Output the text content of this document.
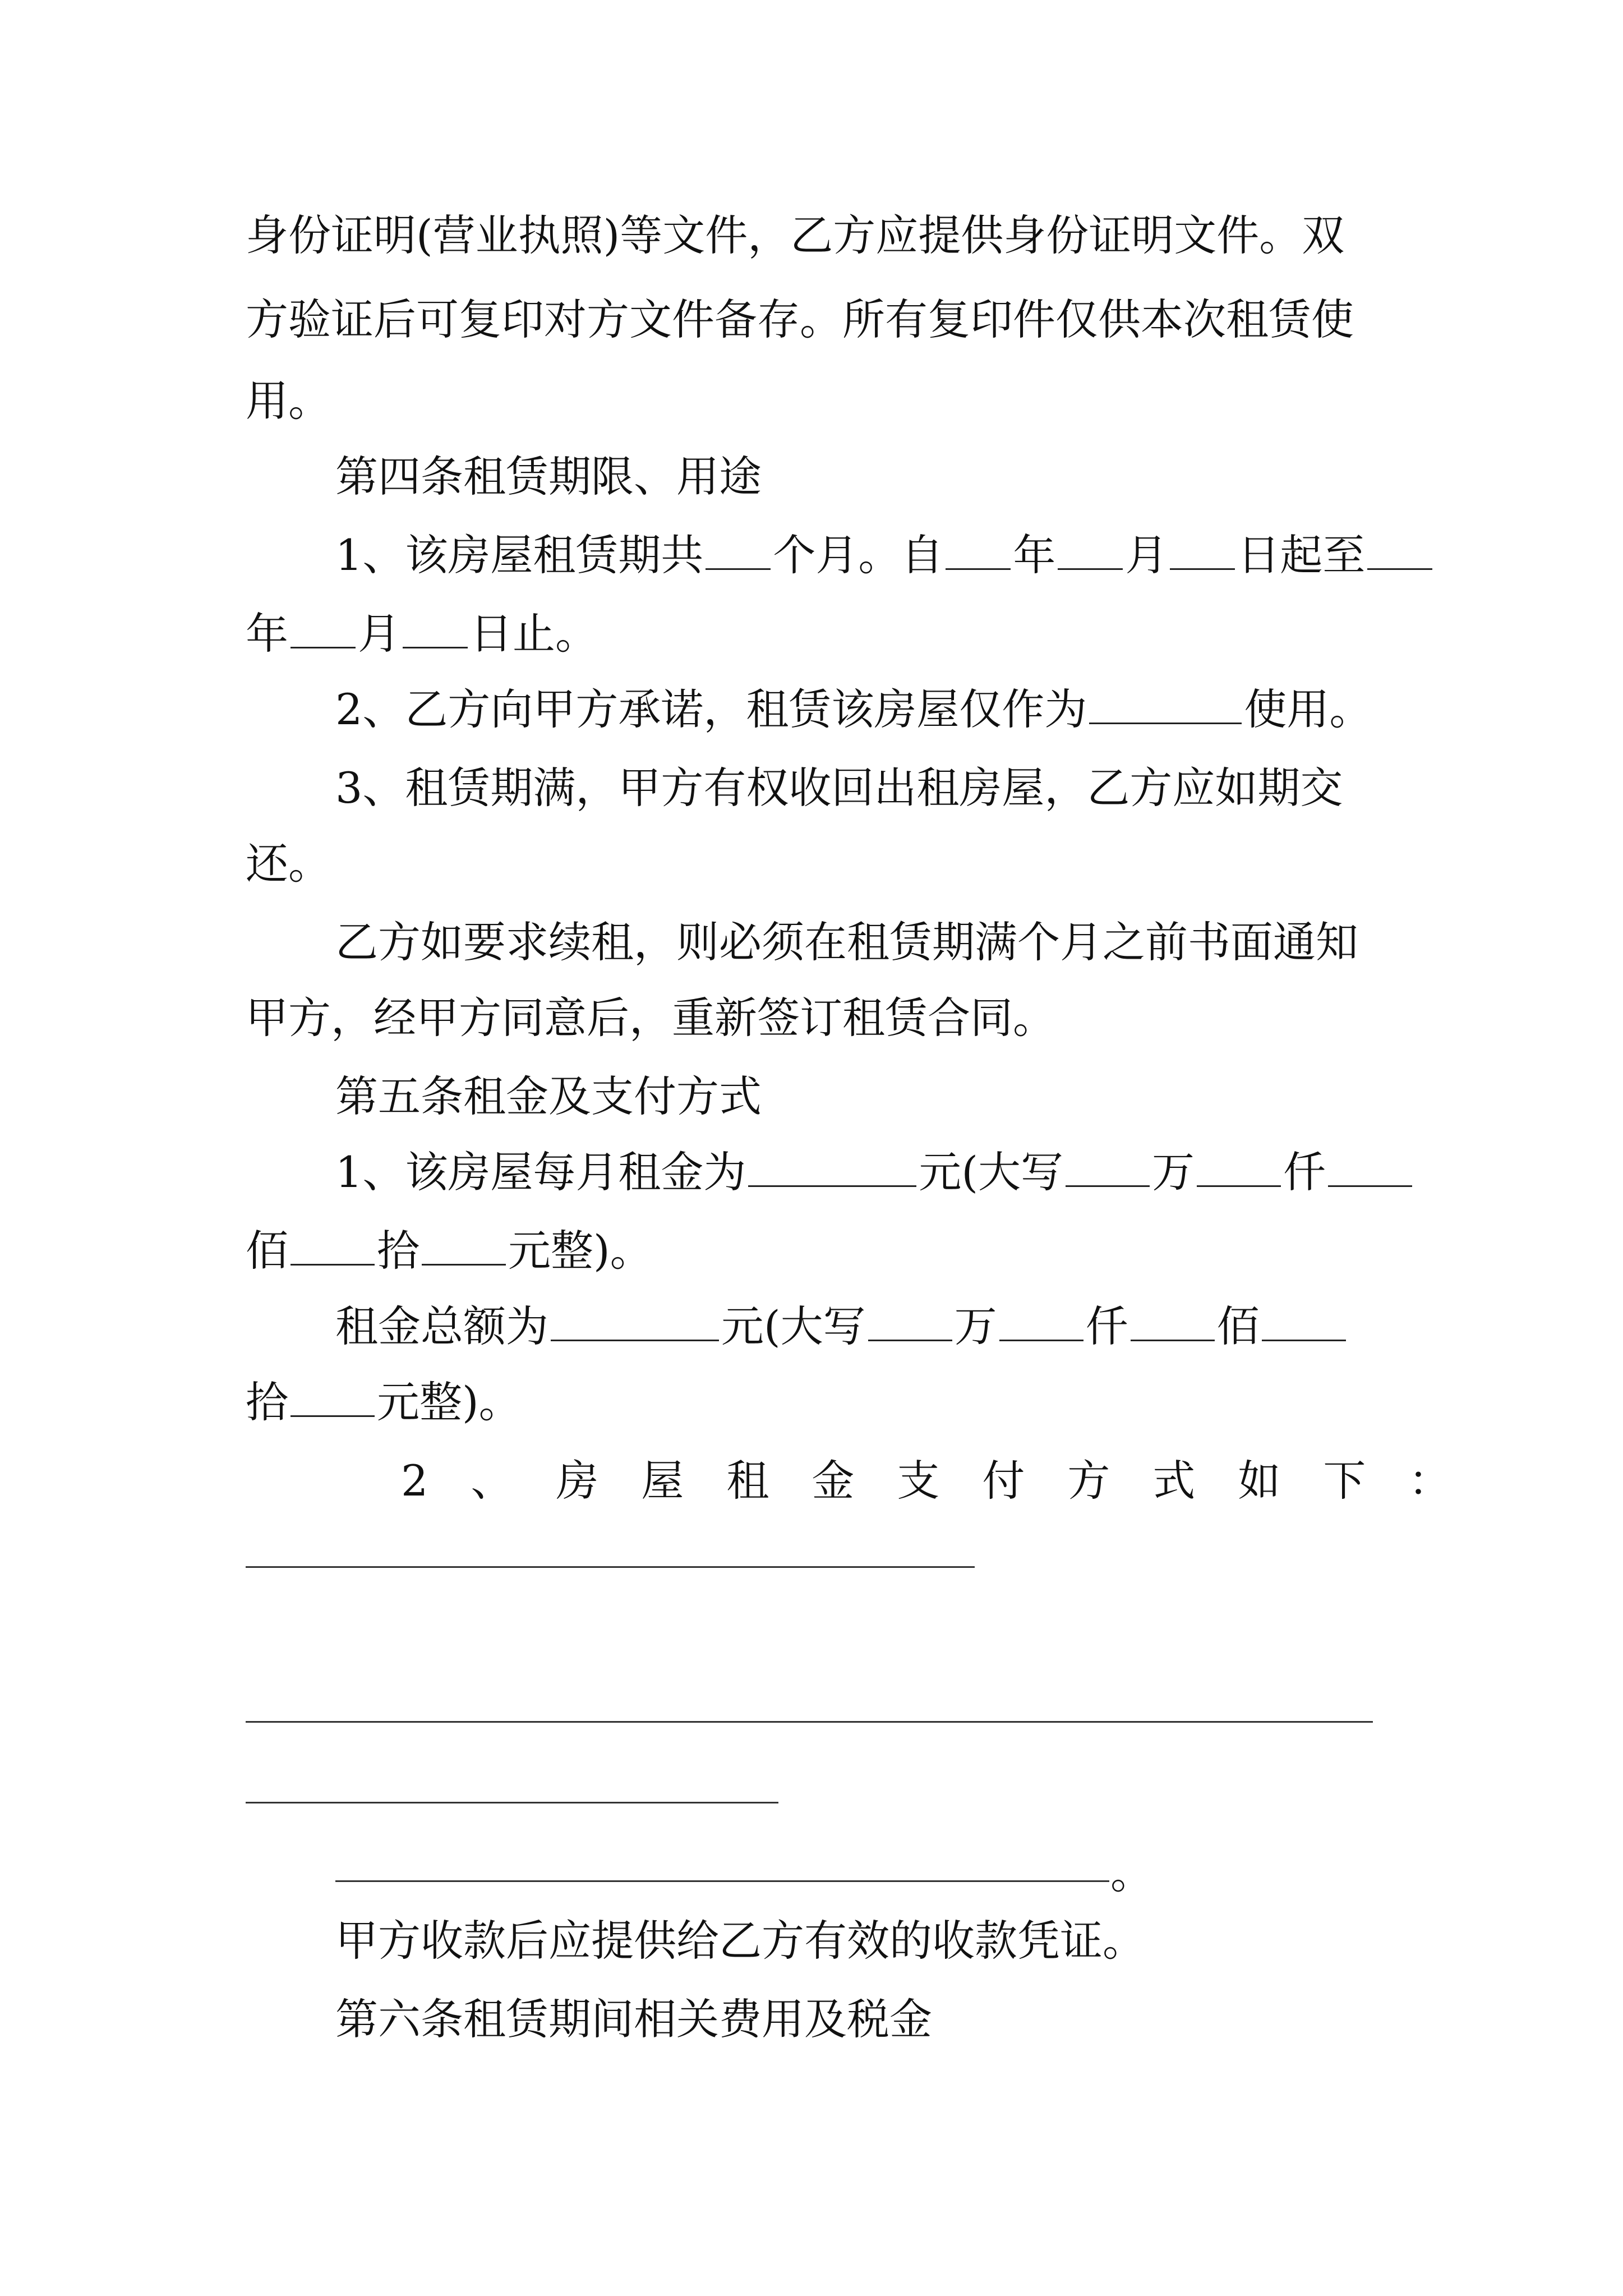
身份证明(营业执照)等文件，乙方应提供身份证明文件。双
方验证后可复印对方文件备存。所有复印件仅供本次租赁使
用。
第四条租赁期限、用途
1、该房屋租赁期共 个月。自 年 月 日起至
年 月 日止。
2、乙方向甲方承诺，租赁该房屋仅作为	使用。
3、租赁期满，甲方有权收回出租房屋，乙方应如期交
还。
乙方如要求续租，则必须在租赁期满个月之前书面通知
甲方，经甲方同意后，重新签订租赁合同。
第五条租金及支付方式
1、该房屋每月租金为	元(大写 万 仟
佰 拾 元整)。
租金总额为	元(大写 万 仟 佰
拾 元整)。
2、房屋租金支付方式如下：
。
甲方收款后应提供给乙方有效的收款凭证。
第六条租赁期间相关费用及税金
